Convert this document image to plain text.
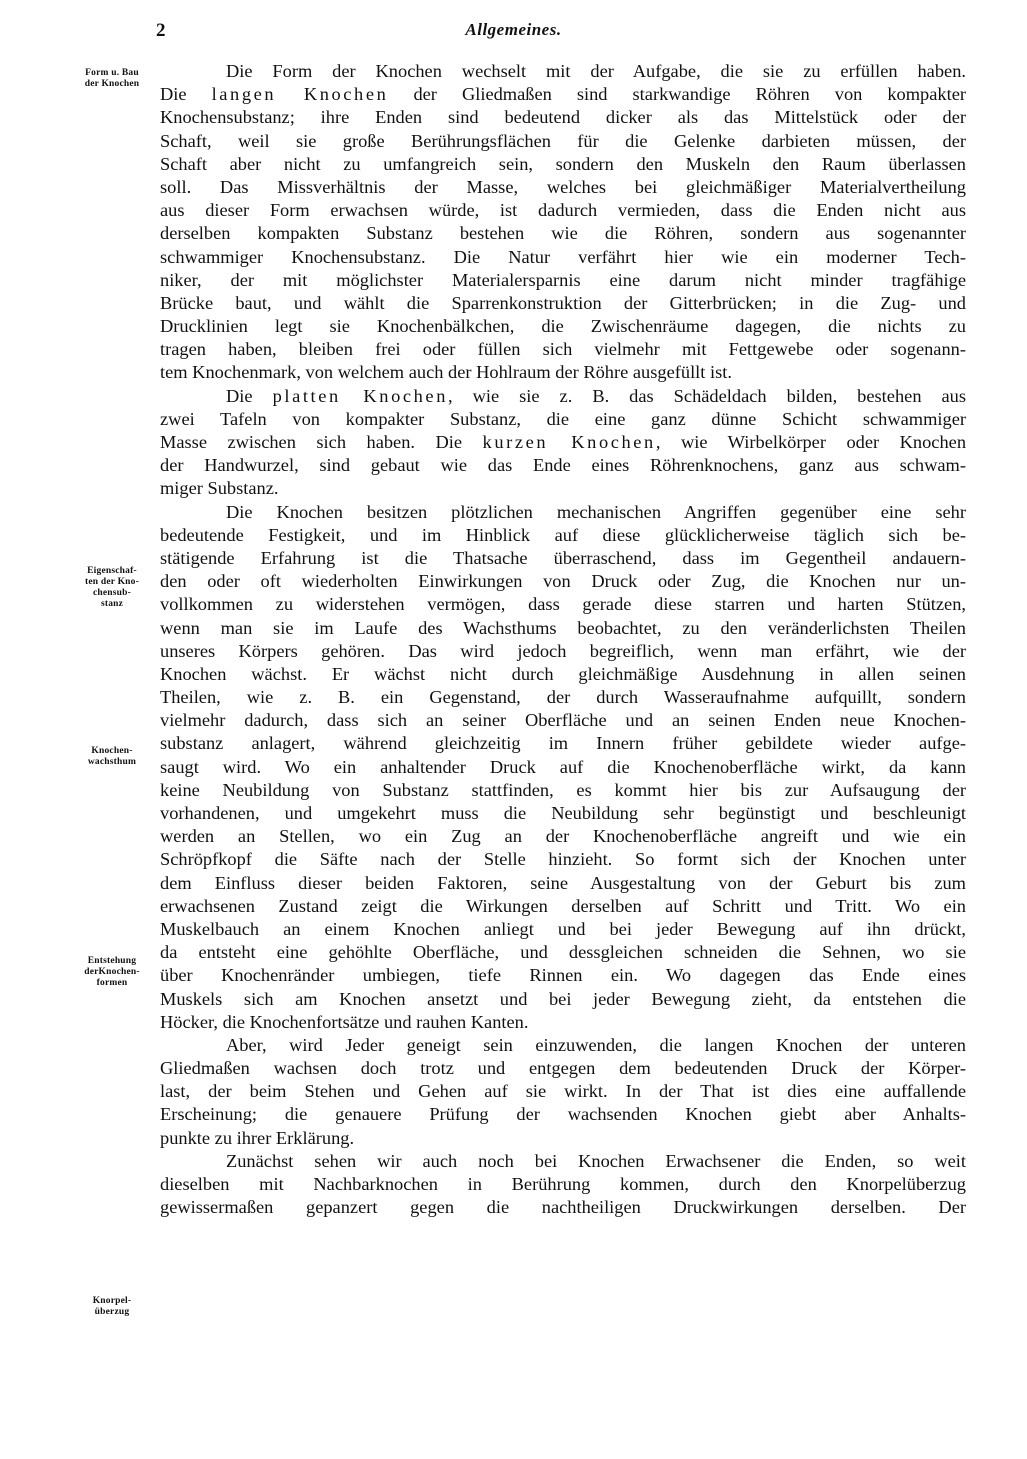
2	Allgemeines.
Form u. Bau
der Knochen
Eigenschaf-
ten der Kno-
chensub-
stanz
Knochen-
wachsthum
Entstehung
derKnochen-
formen
Knorpel-
überzug
Die Form der Knochen wechselt mit der Aufgabe, die sie zu erfüllen haben.
Die langen Knochen der Gliedmaßen sind starkwandige Röhren von kompakter
Knochensubstanz; ihre Enden sind bedeutend dicker als das Mittelstück oder der
Schaft, weil sie große Berührungsflächen für die Gelenke darbieten müssen, der
Schaft aber nicht zu umfangreich sein, sondern den Muskeln den Raum überlassen
soll. Das Missverhältnis der Masse, welches bei gleichmäßiger Materialvertheilung
aus dieser Form erwachsen würde, ist dadurch vermieden, dass die Enden nicht aus
derselben kompakten Substanz bestehen wie die Röhren, sondern aus sogenannter
schwammiger Knochensubstanz. Die Natur verfährt hier wie ein moderner Tech-
niker, der mit möglichster Materialersparnis eine darum nicht minder tragfähige
Brücke baut, und wählt die Sparrenkonstruktion der Gitterbrücken; in die Zug- und
Drucklinien legt sie Knochenbälkchen, die Zwischenräume dagegen, die nichts zu
tragen haben, bleiben frei oder füllen sich vielmehr mit Fettgewebe oder sogenann-
tem Knochenmark, von welchem auch der Hohlraum der Röhre ausgefüllt ist.
Die platten Knochen, wie sie z. B. das Schädeldach bilden, bestehen aus
zwei Tafeln von kompakter Substanz, die eine ganz dünne Schicht schwammiger
Masse zwischen sich haben. Die kurzen Knochen, wie Wirbelkörper oder Knochen
der Handwurzel, sind gebaut wie das Ende eines Röhrenknochens, ganz aus schwam-
miger Substanz.
Die Knochen besitzen plötzlichen mechanischen Angriffen gegenüber eine sehr
bedeutende Festigkeit, und im Hinblick auf diese glücklicherweise täglich sich be-
stätigende Erfahrung ist die Thatsache überraschend, dass im Gegentheil andauern-
den oder oft wiederholten Einwirkungen von Druck oder Zug, die Knochen nur un-
vollkommen zu widerstehen vermögen, dass gerade diese starren und harten Stützen,
wenn man sie im Laufe des Wachsthums beobachtet, zu den veränderlichsten Theilen
unseres Körpers gehören. Das wird jedoch begreiflich, wenn man erfährt, wie der
Knochen wächst. Er wächst nicht durch gleichmäßige Ausdehnung in allen seinen
Theilen, wie z. B. ein Gegenstand, der durch Wasseraufnahme aufquillt, sondern
vielmehr dadurch, dass sich an seiner Oberfläche und an seinen Enden neue Knochen-
substanz anlagert, während gleichzeitig im Innern früher gebildete wieder aufge-
saugt wird. Wo ein anhaltender Druck auf die Knochenoberfläche wirkt, da kann
keine Neubildung von Substanz stattfinden, es kommt hier bis zur Aufsaugung der
vorhandenen, und umgekehrt muss die Neubildung sehr begünstigt und beschleunigt
werden an Stellen, wo ein Zug an der Knochenoberfläche angreift und wie ein
Schröpfkopf die Säfte nach der Stelle hinzieht. So formt sich der Knochen unter
dem Einfluss dieser beiden Faktoren, seine Ausgestaltung von der Geburt bis zum
erwachsenen Zustand zeigt die Wirkungen derselben auf Schritt und Tritt. Wo ein
Muskelbauch an einem Knochen anliegt und bei jeder Bewegung auf ihn drückt,
da entsteht eine gehöhlte Oberfläche, und dessgleichen schneiden die Sehnen, wo sie
über Knochenränder umbiegen, tiefe Rinnen ein. Wo dagegen das Ende eines
Muskels sich am Knochen ansetzt und bei jeder Bewegung zieht, da entstehen die
Höcker, die Knochenfortsätze und rauhen Kanten.
Aber, wird Jeder geneigt sein einzuwenden, die langen Knochen der unteren
Gliedmaßen wachsen doch trotz und entgegen dem bedeutenden Druck der Körper-
last, der beim Stehen und Gehen auf sie wirkt. In der That ist dies eine auffallende
Erscheinung; die genauere Prüfung der wachsenden Knochen giebt aber Anhalts-
punkte zu ihrer Erklärung.
Zunächst sehen wir auch noch bei Knochen Erwachsener die Enden, so weit
dieselben mit Nachbarknochen in Berührung kommen, durch den Knorpelüberzug
gewissermaßen gepanzert gegen die nachtheiligen Druckwirkungen derselben. Der
